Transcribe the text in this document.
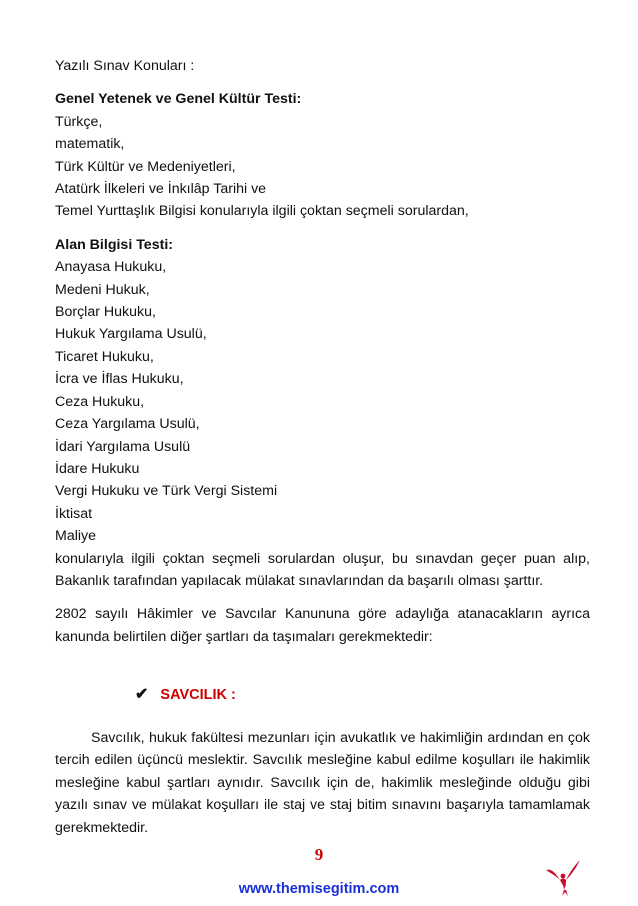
Yazılı Sınav Konuları :
Genel Yetenek ve Genel Kültür Testi:
Türkçe,
matematik,
Türk Kültür ve Medeniyetleri,
Atatürk İlkeleri ve İnkılâp Tarihi ve
Temel Yurttaşlık Bilgisi konularıyla ilgili çoktan seçmeli sorulardan,
Alan Bilgisi Testi:
Anayasa Hukuku,
Medeni Hukuk,
Borçlar Hukuku,
Hukuk Yargılama Usulü,
Ticaret Hukuku,
İcra ve İflas Hukuku,
Ceza Hukuku,
Ceza Yargılama Usulü,
İdari Yargılama Usulü
İdare Hukuku
Vergi Hukuku ve Türk Vergi Sistemi
İktisat
Maliye
konularıyla ilgili çoktan seçmeli sorulardan oluşur, bu sınavdan geçer puan alıp,
Bakanlık tarafından yapılacak mülakat sınavlarından da başarılı olması şarttır.
2802 sayılı Hâkimler ve Savcılar Kanununa göre adaylığa atanacakların ayrıca kanunda belirtilen diğer şartları da taşımaları gerekmektedir:
✔ SAVCILIK :

Savcılık, hukuk fakültesi mezunları için avukatlık ve hakimliğin ardından en çok tercih edilen üçüncü meslektir. Savcılık mesleğine kabul edilme koşulları ile hakimlik mesleğine kabul şartları aynıdır. Savcılık için de, hakimlik mesleğinde olduğu gibi yazılı sınav ve mülakat koşulları ile staj ve staj bitim sınavını başarıyla tamamlamak gerekmektedir.

9
www.themisegitim.com
